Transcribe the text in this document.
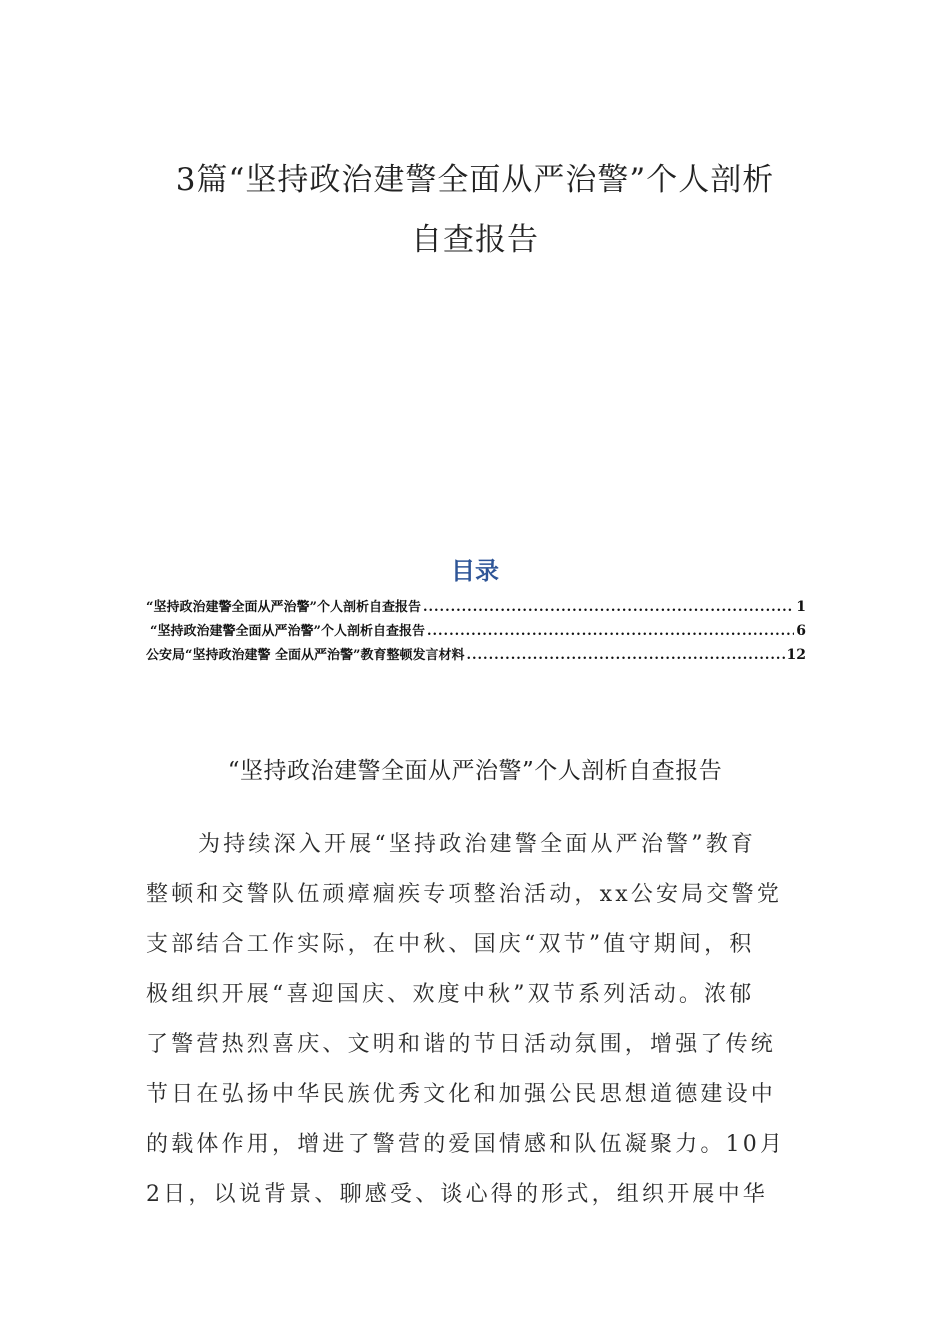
3篇“坚持政治建警全面从严治警”个人剖析
自查报告
目录
“坚持政治建警全面从严治警”个人剖析自查报告 .....	1
“坚持政治建警全面从严治警”个人剖析自查报告 .....	6
公安局“坚持政治建警 全面从严治警”教育整顿发言材料 .....	12
“坚持政治建警全面从严治警”个人剖析自查报告
为持续深入开展“坚持政治建警全面从严治警”教育
整顿和交警队伍顽瘴痼疾专项整治活动，xx公安局交警党
支部结合工作实际，在中秋、国庆“双节”值守期间，积
极组织开展“喜迎国庆、欢度中秋”双节系列活动。浓郁
了警营热烈喜庆、文明和谐的节日活动氛围，增强了传统
节日在弘扬中华民族优秀文化和加强公民思想道德建设中
的载体作用，增进了警营的爱国情感和队伍凝聚力。10月
2日，以说背景、聊感受、谈心得的形式，组织开展中华
